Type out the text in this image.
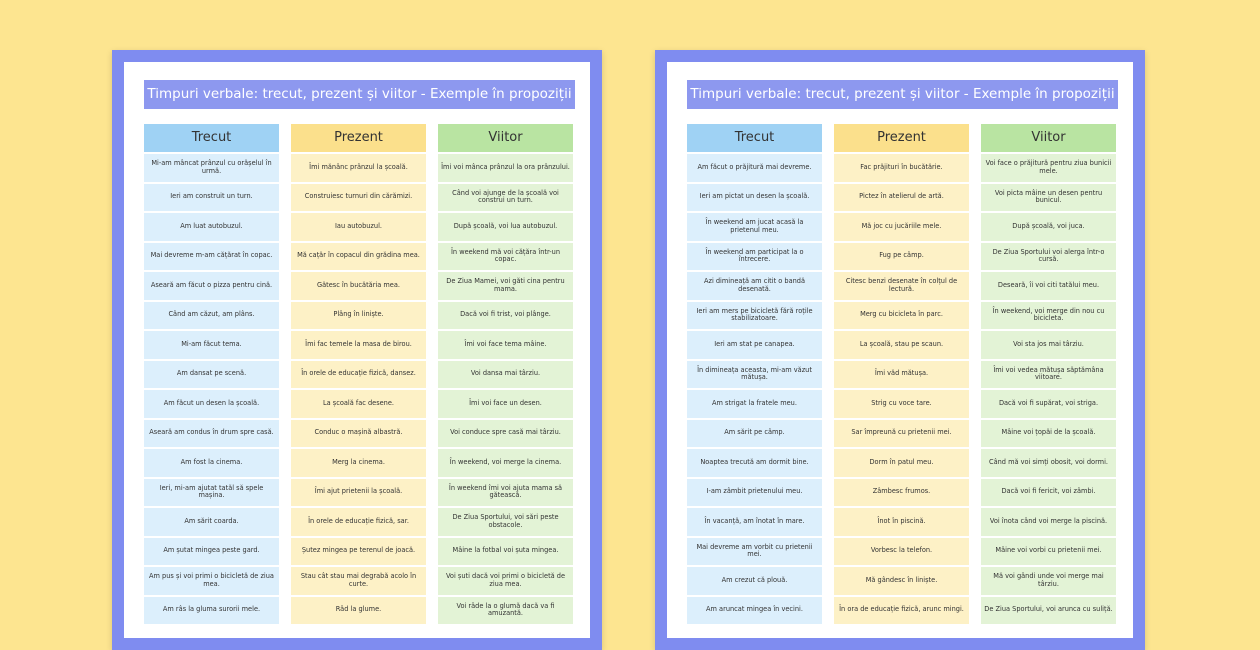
Timpuri verbale: trecut, prezent și viitor - Exemple în propoziții
Trecut
Mi-am mâncat prânzul cu orășelul în urmă.
Ieri am construit un turn.
Am luat autobuzul.
Mai devreme m-am cățărat în copac.
Aseară am făcut o pizza pentru cină.
Când am căzut, am plâns.
Mi-am făcut tema.
Am dansat pe scenă.
Am făcut un desen la școală.
Aseară am condus în drum spre casă.
Am fost la cinema.
Ieri, mi-am ajutat tatăl să spele mașina.
Am sărit coarda.
Am șutat mingea peste gard.
Am pus și voi primi o bicicletă de ziua mea.
Am râs la gluma surorii mele.
Prezent
Îmi mănânc prânzul la școală.
Construiesc turnuri din cărămizi.
Iau autobuzul.
Mă cațăr în copacul din grădina mea.
Gătesc în bucătăria mea.
Plâng în liniște.
Îmi fac temele la masa de birou.
În orele de educație fizică, dansez.
La școală fac desene.
Conduc o mașină albastră.
Merg la cinema.
Îmi ajut prietenii la școală.
În orele de educație fizică, sar.
Șutez mingea pe terenul de joacă.
Stau cât stau mai degrabă acolo în curte.
Râd la glume.
Viitor
Îmi voi mânca prânzul la ora prânzului.
Când voi ajunge de la școală voi construi un turn.
După școală, voi lua autobuzul.
În weekend mă voi cățăra într-un copac.
De Ziua Mamei, voi găti cina pentru mama.
Dacă voi fi trist, voi plânge.
Îmi voi face tema mâine.
Voi dansa mai târziu.
Îmi voi face un desen.
Voi conduce spre casă mai târziu.
În weekend, voi merge la cinema.
În weekend îmi voi ajuta mama să gătească.
De Ziua Sportului, voi sări peste obstacole.
Mâine la fotbal voi șuta mingea.
Voi șuti dacă voi primi o bicicletă de ziua mea.
Voi râde la o glumă dacă va fi amuzantă.
Timpuri verbale: trecut, prezent și viitor - Exemple în propoziții
Trecut
Am făcut o prăjitură mai devreme.
Ieri am pictat un desen la școală.
În weekend am jucat acasă la prietenul meu.
În weekend am participat la o întrecere.
Azi dimineață am citit o bandă desenată.
Ieri am mers pe bicicletă fără roțile stabilizatoare.
Ieri am stat pe canapea.
În dimineața aceasta, mi-am văzut mătușa.
Am strigat la fratele meu.
Am sărit pe câmp.
Noaptea trecută am dormit bine.
I-am zâmbit prietenului meu.
În vacanță, am înotat în mare.
Mai devreme am vorbit cu prietenii mei.
Am crezut că plouă.
Am aruncat mingea în vecini.
Prezent
Fac prăjituri în bucătărie.
Pictez în atelierul de artă.
Mă joc cu jucăriile mele.
Fug pe câmp.
Citesc benzi desenate în colțul de lectură.
Merg cu bicicleta în parc.
La școală, stau pe scaun.
Îmi văd mătușa.
Strig cu voce tare.
Sar împreună cu prietenii mei.
Dorm în patul meu.
Zâmbesc frumos.
Înot în piscină.
Vorbesc la telefon.
Mă gândesc în liniște.
În ora de educație fizică, arunc mingi.
Viitor
Voi face o prăjitură pentru ziua bunicii mele.
Voi picta mâine un desen pentru bunicul.
După școală, voi juca.
De Ziua Sportului voi alerga într-o cursă.
Deseară, îi voi citi tatălui meu.
În weekend, voi merge din nou cu bicicleta.
Voi sta jos mai târziu.
Îmi voi vedea mătușa săptămâna viitoare.
Dacă voi fi supărat, voi striga.
Mâine voi țopăi de la școală.
Când mă voi simți obosit, voi dormi.
Dacă voi fi fericit, voi zâmbi.
Voi înota când voi merge la piscină.
Mâine voi vorbi cu prietenii mei.
Mă voi gândi unde voi merge mai târziu.
De Ziua Sportului, voi arunca cu suliță.
